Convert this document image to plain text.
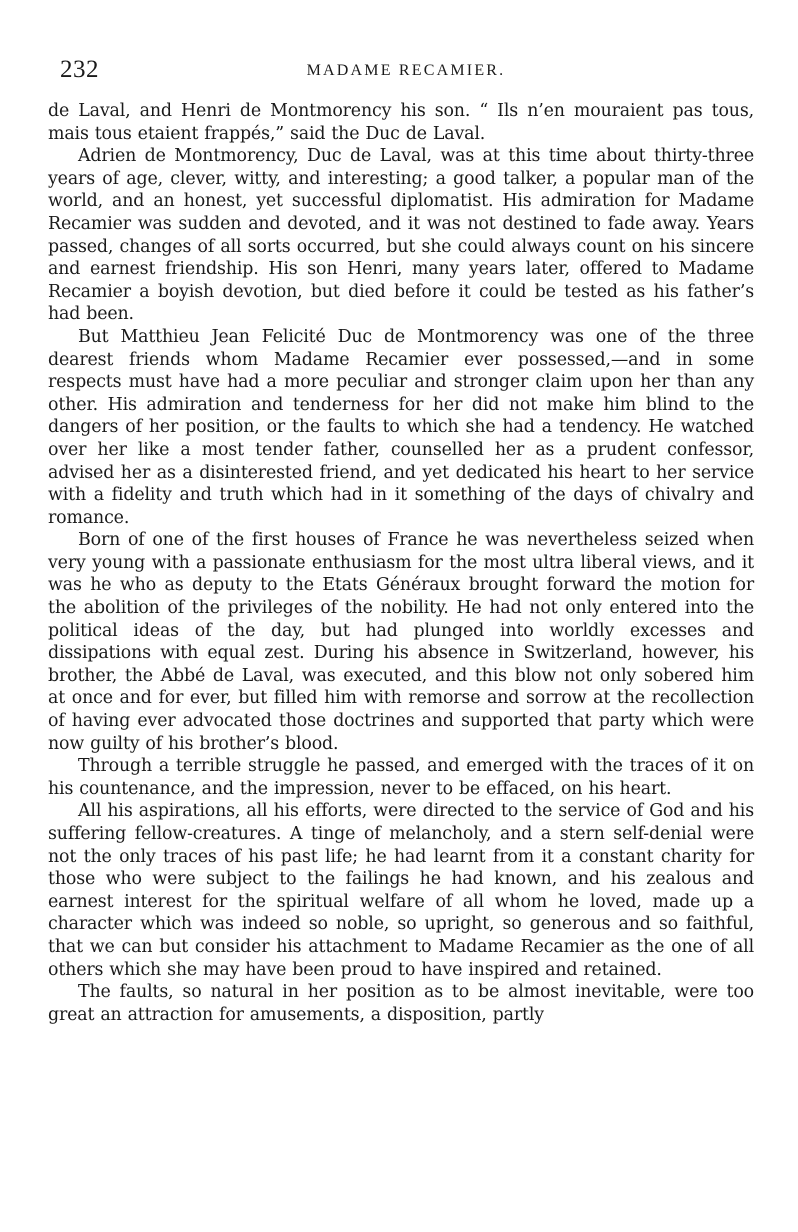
232	MADAME RECAMIER.

de Laval, and Henri de Montmorency his son. “ Ils n’en mouraient pas tous, mais tous etaient frappés,” said the Duc de Laval.

Adrien de Montmorency, Duc de Laval, was at this time about thirty-three years of age, clever, witty, and interesting; a good talker, a popular man of the world, and an honest, yet successful diplomatist. His admiration for Madame Recamier was sudden and devoted, and it was not destined to fade away. Years passed, changes of all sorts occurred, but she could always count on his sincere and earnest friendship. His son Henri, many years later, offered to Madame Recamier a boyish devotion, but died before it could be tested as his father’s had been.

But Matthieu Jean Felicité Duc de Montmorency was one of the three dearest friends whom Madame Recamier ever possessed,—and in some respects must have had a more peculiar and stronger claim upon her than any other. His admiration and tenderness for her did not make him blind to the dangers of her position, or the faults to which she had a tendency. He watched over her like a most tender father, counselled her as a prudent confessor, advised her as a disinterested friend, and yet dedicated his heart to her service with a fidelity and truth which had in it something of the days of chivalry and romance.

Born of one of the first houses of France he was nevertheless seized when very young with a passionate enthusiasm for the most ultra liberal views, and it was he who as deputy to the Etats Généraux brought forward the motion for the abolition of the privileges of the nobility. He had not only entered into the political ideas of the day, but had plunged into worldly excesses and dissipations with equal zest. During his absence in Switzerland, however, his brother, the Abbé de Laval, was executed, and this blow not only sobered him at once and for ever, but filled him with remorse and sorrow at the recollection of having ever advocated those doctrines and supported that party which were now guilty of his brother’s blood.

Through a terrible struggle he passed, and emerged with the traces of it on his countenance, and the impression, never to be effaced, on his heart.

All his aspirations, all his efforts, were directed to the service of God and his suffering fellow-creatures. A tinge of melancholy, and a stern self-denial were not the only traces of his past life; he had learnt from it a constant charity for those who were subject to the failings he had known, and his zealous and earnest interest for the spiritual welfare of all whom he loved, made up a character which was indeed so noble, so upright, so generous and so faithful, that we can but consider his attachment to Madame Recamier as the one of all others which she may have been proud to have inspired and retained.

The faults, so natural in her position as to be almost inevitable, were too great an attraction for amusements, a disposition, partly
